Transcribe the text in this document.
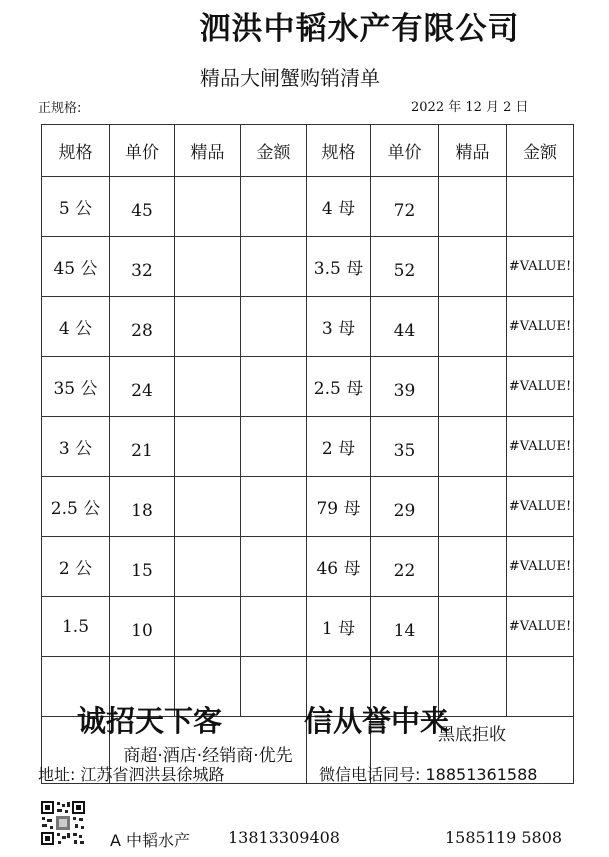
泗洪中韬水产有限公司
精品大闸蟹购销清单
正规格:	2022 年 12 月 2 日
规格	单价	精品	金额	规格	单价	精品	金额
5 公	45			4 母	72		
45 公	32			3.5 母	52		#VALUE!
4 公	28			3 母	44		#VALUE!
35 公	24			2.5 母	39		#VALUE!
3 公	21			2 母	35		#VALUE!
2.5 公	18			79 母	29		#VALUE!
2 公	15			46 母	22		#VALUE!
1.5	10			1 母	14		#VALUE!

	商超·酒店·经销商·优先				黑底拒收		
诚招天下客	信从誉中来
地址: 江苏省泗洪县徐城路	微信电话同号: 18851361588
A 中韬水产 13813309408	1585119 5808
